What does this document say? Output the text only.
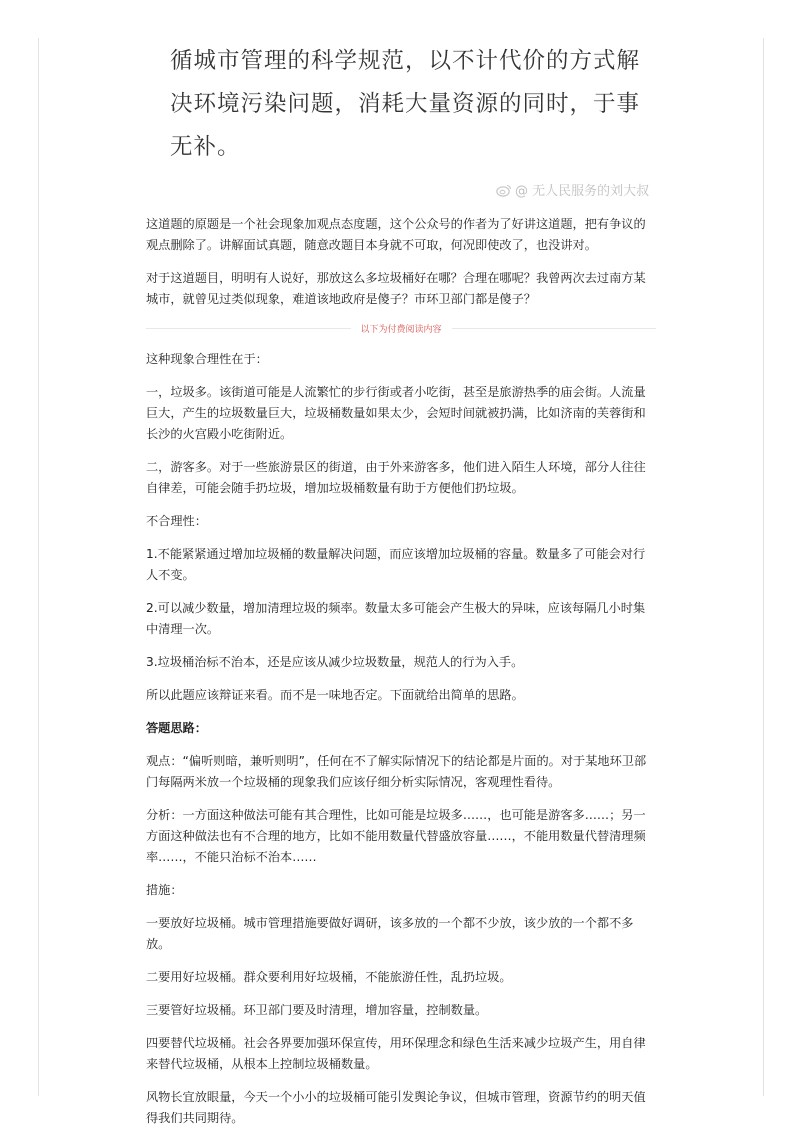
循城市管理的科学规范，以不计代价的方式解
决环境污染问题，消耗大量资源的同时，于事
无补。
@ 无人民服务的刘大叔

这道题的原题是一个社会现象加观点态度题，这个公众号的作者为了好讲这道题，把有争议的观点删除了。讲解面试真题，随意改题目本身就不可取，何况即使改了，也没讲对。

对于这道题目，明明有人说好，那放这么多垃圾桶好在哪？合理在哪呢？我曾两次去过南方某城市，就曾见过类似现象，难道该地政府是傻子？市环卫部门都是傻子？

以下为付费阅读内容

这种现象合理性在于：

一，垃圾多。该街道可能是人流繁忙的步行街或者小吃街，甚至是旅游热季的庙会街。人流量巨大，产生的垃圾数量巨大，垃圾桶数量如果太少，会短时间就被扔满，比如济南的芙蓉街和长沙的火宫殿小吃街附近。

二，游客多。对于一些旅游景区的街道，由于外来游客多，他们进入陌生人环境，部分人往往自律差，可能会随手扔垃圾，增加垃圾桶数量有助于方便他们扔垃圾。

不合理性：

1.不能紧紧通过增加垃圾桶的数量解决问题，而应该增加垃圾桶的容量。数量多了可能会对行人不变。

2.可以减少数量，增加清理垃圾的频率。数量太多可能会产生极大的异味，应该每隔几小时集中清理一次。

3.垃圾桶治标不治本，还是应该从减少垃圾数量，规范人的行为入手。

所以此题应该辩证来看。而不是一味地否定。下面就给出简单的思路。

答题思路：

观点：“偏听则暗，兼听则明”，任何在不了解实际情况下的结论都是片面的。对于某地环卫部门每隔两米放一个垃圾桶的现象我们应该仔细分析实际情况，客观理性看待。

分析：一方面这种做法可能有其合理性，比如可能是垃圾多……，也可能是游客多……；另一方面这种做法也有不合理的地方，比如不能用数量代替盛放容量……，不能用数量代替清理频率……，不能只治标不治本……

措施：

一要放好垃圾桶。城市管理措施要做好调研，该多放的一个都不少放，该少放的一个都不多放。

二要用好垃圾桶。群众要利用好垃圾桶，不能旅游任性，乱扔垃圾。

三要管好垃圾桶。环卫部门要及时清理，增加容量，控制数量。

四要替代垃圾桶。社会各界要加强环保宣传，用环保理念和绿色生活来减少垃圾产生，用自律来替代垃圾桶，从根本上控制垃圾桶数量。

风物长宜放眼量，今天一个小小的垃圾桶可能引发舆论争议，但城市管理，资源节约的明天值得我们共同期待。
